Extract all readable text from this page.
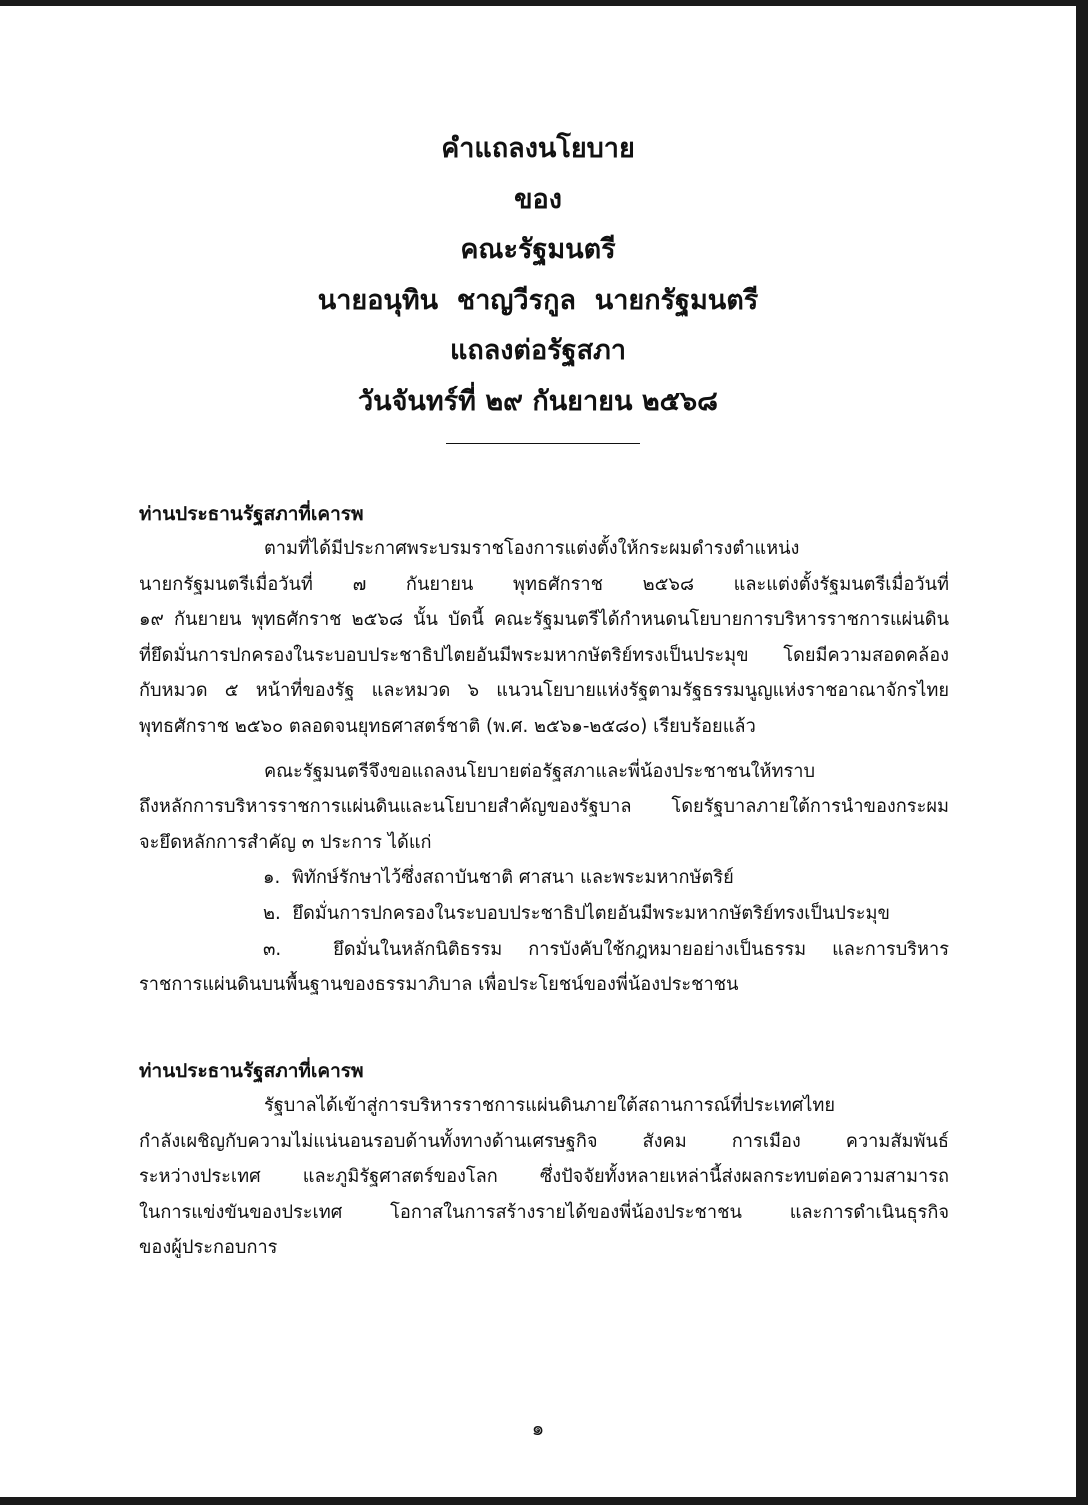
คำแถลงนโยบาย
ของ
คณะรัฐมนตรี
นายอนุทิน  ชาญวีรกูล  นายกรัฐมนตรี
แถลงต่อรัฐสภา
วันจันทร์ที่ ๒๙ กันยายน ๒๕๖๘
ท่านประธานรัฐสภาที่เคารพ
ตามที่ได้มีประกาศพระบรมราชโองการแต่งตั้งให้กระผมดำรงตำแหน่ง
นายกรัฐมนตรีเมื่อวันที่ ๗ กันยายน พุทธศักราช ๒๕๖๘ และแต่งตั้งรัฐมนตรีเมื่อวันที่
๑๙ กันยายน พุทธศักราช ๒๕๖๘ นั้น บัดนี้ คณะรัฐมนตรีได้กำหนดนโยบายการบริหารราชการแผ่นดิน
ที่ยึดมั่นการปกครองในระบอบประชาธิปไตยอันมีพระมหากษัตริย์ทรงเป็นประมุข โดยมีความสอดคล้อง
กับหมวด ๕ หน้าที่ของรัฐ และหมวด ๖ แนวนโยบายแห่งรัฐตามรัฐธรรมนูญแห่งราชอาณาจักรไทย
พุทธศักราช ๒๕๖๐ ตลอดจนยุทธศาสตร์ชาติ (พ.ศ. ๒๕๖๑-๒๕๘๐) เรียบร้อยแล้ว
คณะรัฐมนตรีจึงขอแถลงนโยบายต่อรัฐสภาและพี่น้องประชาชนให้ทราบ
ถึงหลักการบริหารราชการแผ่นดินและนโยบายสำคัญของรัฐบาล โดยรัฐบาลภายใต้การนำของกระผม
จะยึดหลักการสำคัญ ๓ ประการ ได้แก่
๑.  พิทักษ์รักษาไว้ซึ่งสถาบันชาติ ศาสนา และพระมหากษัตริย์
๒.  ยึดมั่นการปกครองในระบอบประชาธิปไตยอันมีพระมหากษัตริย์ทรงเป็นประมุข
๓.  ยึดมั่นในหลักนิติธรรม การบังคับใช้กฎหมายอย่างเป็นธรรม และการบริหาร
ราชการแผ่นดินบนพื้นฐานของธรรมาภิบาล เพื่อประโยชน์ของพี่น้องประชาชน
ท่านประธานรัฐสภาที่เคารพ
รัฐบาลได้เข้าสู่การบริหารราชการแผ่นดินภายใต้สถานการณ์ที่ประเทศไทย
กำลังเผชิญกับความไม่แน่นอนรอบด้านทั้งทางด้านเศรษฐกิจ สังคม การเมือง ความสัมพันธ์
ระหว่างประเทศ และภูมิรัฐศาสตร์ของโลก ซึ่งปัจจัยทั้งหลายเหล่านี้ส่งผลกระทบต่อความสามารถ
ในการแข่งขันของประเทศ โอกาสในการสร้างรายได้ของพี่น้องประชาชน และการดำเนินธุรกิจ
ของผู้ประกอบการ
๑
